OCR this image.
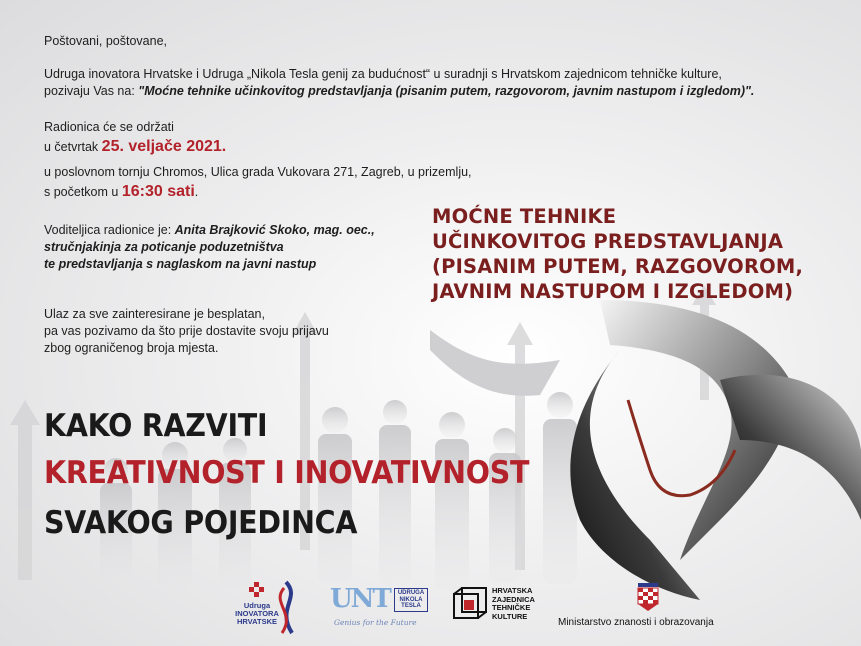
Poštovani, poštovane,
Udruga inovatora Hrvatske i Udruga „Nikola Tesla genij za budućnost“ u suradnji s Hrvatskom zajednicom tehničke kulture,
pozivaju Vas na: "Moćne tehnike učinkovitog predstavljanja (pisanim putem, razgovorom, javnim nastupom i izgledom)".
Radionica će se održati
u četvrtak 25. veljače 2021.
u poslovnom tornju Chromos, Ulica grada Vukovara 271, Zagreb, u prizemlju,
s početkom u 16:30 sati.
Voditeljica radionice je: Anita Brajković Skoko, mag. oec.,
stručnjakinja za poticanje poduzetništva
te predstavljanja s naglaskom na javni nastup
Ulaz za sve zainteresirane je besplatan,
pa vas pozivamo da što prije dostavite svoju prijavu
zbog ograničenog broja mjesta.
MOĆNE TEHNIKE
UČINKOVITOG PREDSTAVLJANJA
(PISANIM PUTEM, RAZGOVOROM,
JAVNIM NASTUPOM I IZGLEDOM)
KAKO RAZVITI
KREATIVNOST I INOVATIVNOST
SVAKOG POJEDINCA
Udruga
INOVATORA
HRVATSKE
UNT	UDRUGA
NIKOLA
TESLA
Genius for the Future
HRVATSKA
ZAJEDNICA
TEHNIČKE
KULTURE
Ministarstvo znanosti i obrazovanja
